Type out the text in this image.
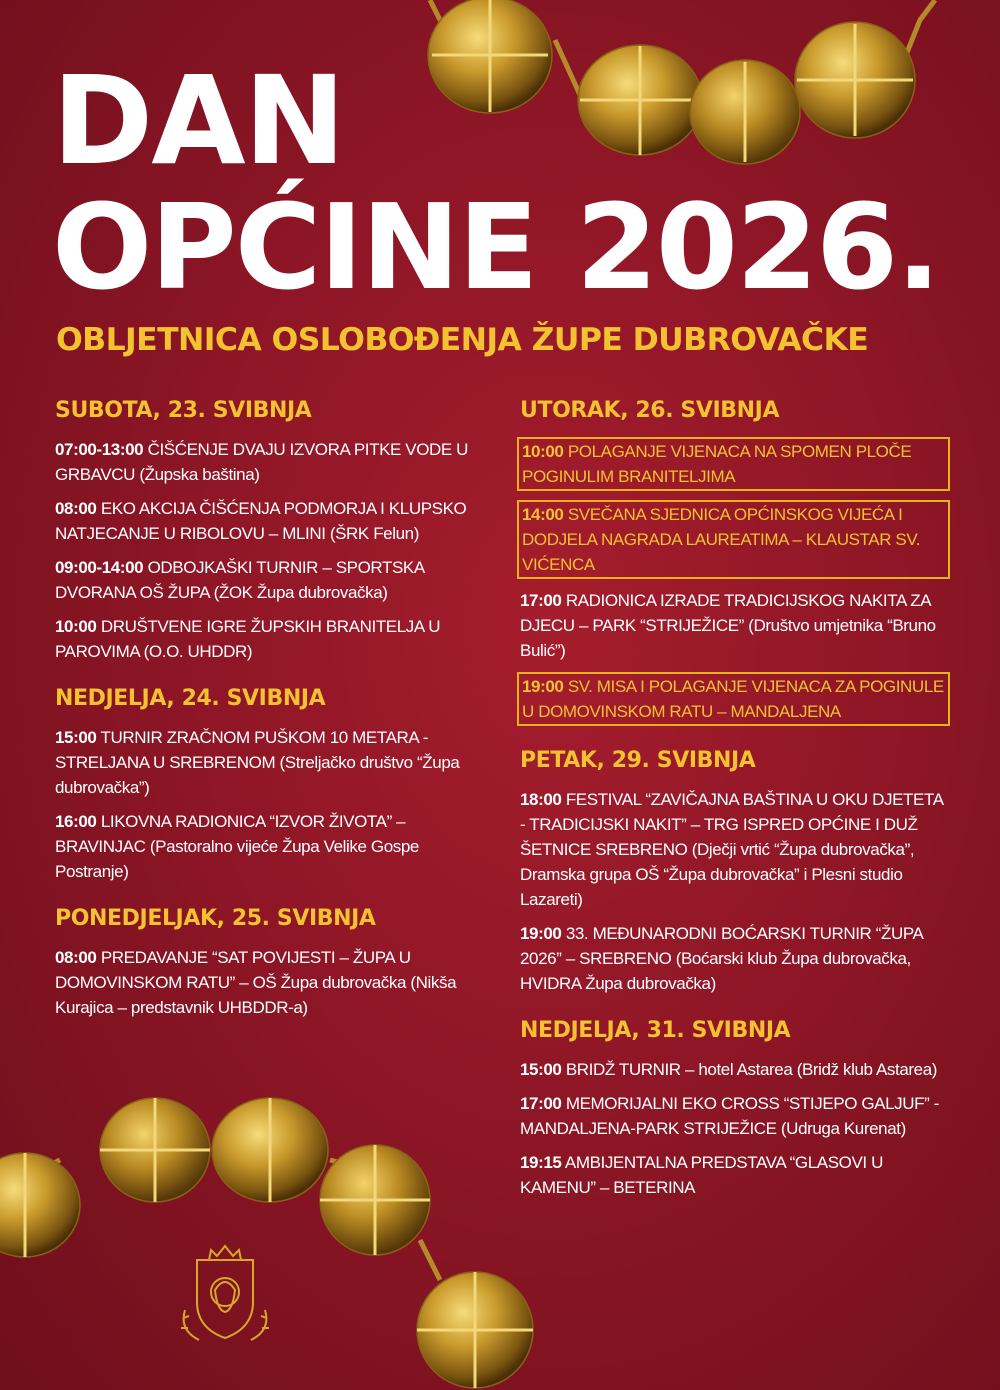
DAN
OPĆINE 2026.
OBLJETNICA OSLOBOĐENJA ŽUPE DUBROVAČKE
SUBOTA, 23. SVIBNJA

07:00-13:00 ČIŠĆENJE DVAJU IZVORA PITKE VODE U GRBAVCU (Župska baština)

08:00 EKO AKCIJA ČIŠĆENJA PODMORJA I KLUPSKO NATJECANJE U RIBOLOVU – MLINI (ŠRK Felun)

09:00-14:00 ODBOJKAŠKI TURNIR – SPORTSKA DVORANA OŠ ŽUPA (ŽOK Župa dubrovačka)

10:00 DRUŠTVENE IGRE ŽUPSKIH BRANITELJA U PAROVIMA (O.O. UHDDR)

NEDJELJA, 24. SVIBNJA

15:00 TURNIR ZRAČNOM PUŠKOM 10 METARA - STRELJANA U SREBRENOM (Streljačko društvo “Župa dubrovačka”)

16:00 LIKOVNA RADIONICA “IZVOR ŽIVOTA” – BRAVINJAC (Pastoralno vijeće Župa Velike Gospe Postranje)

PONEDJELJAK, 25. SVIBNJA

08:00 PREDAVANJE “SAT POVIJESTI – ŽUPA U DOMOVINSKOM RATU” – OŠ Župa dubrovačka (Nikša Kurajica – predstavnik UHBDDR-a)

UTORAK, 26. SVIBNJA

10:00 POLAGANJE VIJENACA NA SPOMEN PLOČE POGINULIM BRANITELJIMA

14:00 SVEČANA SJEDNICA OPĆINSKOG VIJEĆA I DODJELA NAGRADA LAUREATIMA – KLAUSTAR SV. VIĆENCA

17:00 RADIONICA IZRADE TRADICIJSKOG NAKITA ZA DJECU – PARK “STRIJEŽICE” (Društvo umjetnika “Bruno Bulić”)

19:00 SV. MISA I POLAGANJE VIJENACA ZA POGINULE U DOMOVINSKOM RATU – MANDALJENA

PETAK, 29. SVIBNJA

18:00 FESTIVAL “ZAVIČAJNA BAŠTINA U OKU DJETETA - TRADICIJSKI NAKIT” – TRG ISPRED OPĆINE I DUŽ ŠETNICE SREBRENO (Dječji vrtić “Župa dubrovačka”, Dramska grupa OŠ “Župa dubrovačka” i Plesni studio Lazareti)

19:00 33. MEĐUNARODNI BOĆARSKI TURNIR “ŽUPA 2026” – SREBRENO (Boćarski klub Župa dubrovačka, HVIDRA Župa dubrovačka)

NEDJELJA, 31. SVIBNJA

15:00 BRIDŽ TURNIR – hotel Astarea (Bridž klub Astarea)

17:00 MEMORIJALNI EKO CROSS “STIJEPO GALJUF” - MANDALJENA-PARK STRIJEŽICE (Udruga Kurenat)

19:15 AMBIJENTALNA PREDSTAVA “GLASOVI U KAMENU” – BETERINA
